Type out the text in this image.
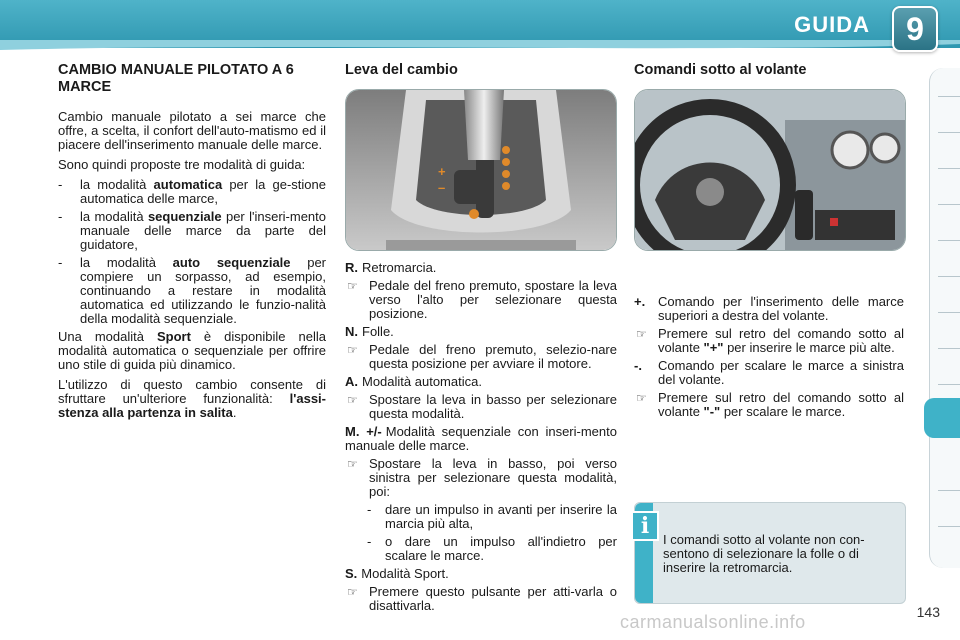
GUIDA	9
CAMBIO MANUALE PILOTATO A 6 MARCE

Cambio manuale pilotato a sei marce che offre, a scelta, il confort dell'auto-matismo ed il piacere dell'inserimento manuale delle marce.

Sono quindi proposte tre modalità di guida:

- la modalità automatica per la ge-stione automatica delle marce,
- la modalità sequenziale per l'inseri-mento manuale delle marce da parte del guidatore,
- la modalità auto sequenziale per compiere un sorpasso, ad esempio, continuando a restare in modalità automatica ed utilizzando le funzio-nalità della modalità sequenziale.

Una modalità Sport è disponibile nella modalità automatica o sequenziale per offrire uno stile di guida più dinamico.

L'utilizzo di questo cambio consente di sfruttare un'ulteriore funzionalità: l'assi-stenza alla partenza in salita.

Leva del cambio
+
–
R. Retromarcia.
☞ Pedale del freno premuto, spostare la leva verso l'alto per selezionare questa posizione.
N. Folle.
☞ Pedale del freno premuto, selezio-nare questa posizione per avviare il motore.
A. Modalità automatica.
☞ Spostare la leva in basso per selezionare questa modalità.
M. +/- Modalità sequenziale con inseri-mento manuale delle marce.
☞ Spostare la leva in basso, poi verso sinistra per selezionare questa modalità, poi:
- dare un impulso in avanti per inserire la marcia più alta,
- o dare un impulso all'indietro per scalare le marce.
S. Modalità Sport.
☞ Premere questo pulsante per atti-varla o disattivarla.
Comandi sotto al volante
+. Comando per l'inserimento delle marce superiori a destra del volante.
☞ Premere sul retro del comando sotto al volante "+" per inserire le marce più alte.
-. Comando per scalare le marce a sinistra del volante.
☞ Premere sul retro del comando sotto al volante "-" per scalare le marce.
i
I comandi sotto al volante non con-sentono di selezionare la folle o di inserire la retromarcia.
carmanualsonline.info	143
